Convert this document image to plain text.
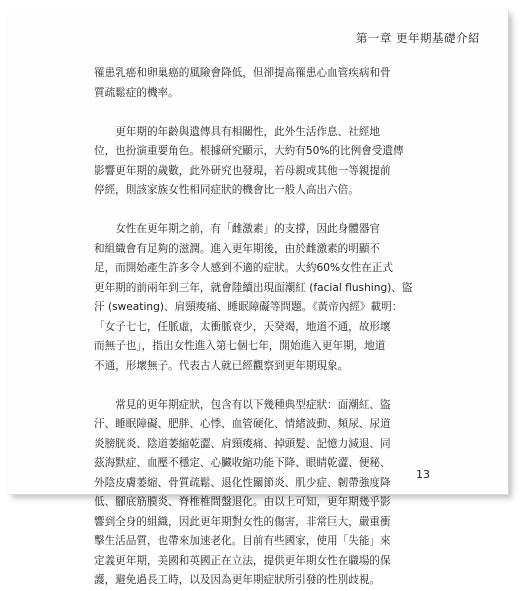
第一章 更年期基礎介紹
罹患乳癌和卵巢癌的風險會降低，但卻提高罹患心血管疾病和骨
質疏鬆症的機率。
更年期的年齡與遺傳具有相關性，此外生活作息、社經地
位，也扮演重要角色。根據研究顯示，大約有50%的比例會受遺傳
影響更年期的歲數，此外研究也發現，若母親或其他一等親提前
停經，則該家族女性相同症狀的機會比一般人高出六倍。
女性在更年期之前，有「雌激素」的支撐，因此身體器官
和組織會有足夠的滋潤。進入更年期後，由於雌激素的明顯不
足，而開始產生許多令人感到不適的症狀。大約60%女性在正式
更年期的前兩年到三年，就會陸續出現面潮紅 (facial flushing)、盜
汗 (sweating)、肩頸痠痛、睡眠障礙等問題。《黃帝內經》載明：
「女子七七，任脈虛，太衝脈衰少，天癸竭，地道不通，故形壞
而無子也」，指出女性進入第七個七年，開始進入更年期，地道
不通，形壞無子。代表古人就已經觀察到更年期現象。
常見的更年期症狀，包含有以下幾種典型症狀：面潮紅、盜
汗、睡眠障礙、肥胖、心悸、血管硬化、情緒波動、頻尿、尿道
炎膀胱炎、陰道萎縮乾澀、肩頸痠痛、掉頭髮、記憶力減退、同
茲海默症、血壓不穩定、心臟收縮功能下降、眼睛乾澀、便秘、
外陰皮膚萎縮、骨質疏鬆、退化性關節炎、肌少症、韌帶強度降
低、腳底筋膜炎、脊椎椎間盤退化。由以上可知，更年期幾乎影
響到全身的組織，因此更年期對女性的傷害，非常巨大，嚴重衝
擊生活品質，也帶來加速老化。目前有些國家，使用「失能」來
定義更年期，美國和英國正在立法，提供更年期女性在職場的保
護，避免過長工時，以及因為更年期症狀所引發的性別歧視。
13
